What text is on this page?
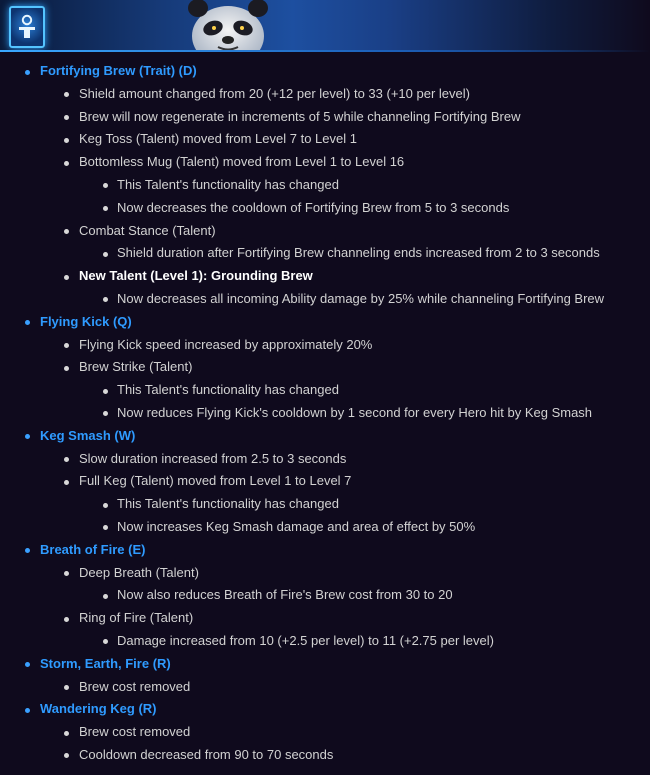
Fortifying Brew (Trait) (D)
Shield amount changed from 20 (+12 per level) to 33 (+10 per level)
Brew will now regenerate in increments of 5 while channeling Fortifying Brew
Keg Toss (Talent) moved from Level 7 to Level 1
Bottomless Mug (Talent) moved from Level 1 to Level 16
This Talent's functionality has changed
Now decreases the cooldown of Fortifying Brew from 5 to 3 seconds
Combat Stance (Talent)
Shield duration after Fortifying Brew channeling ends increased from 2 to 3 seconds
New Talent (Level 1): Grounding Brew
Now decreases all incoming Ability damage by 25% while channeling Fortifying Brew
Flying Kick (Q)
Flying Kick speed increased by approximately 20%
Brew Strike (Talent)
This Talent's functionality has changed
Now reduces Flying Kick's cooldown by 1 second for every Hero hit by Keg Smash
Keg Smash (W)
Slow duration increased from 2.5 to 3 seconds
Full Keg (Talent) moved from Level 1 to Level 7
This Talent's functionality has changed
Now increases Keg Smash damage and area of effect by 50%
Breath of Fire (E)
Deep Breath (Talent)
Now also reduces Breath of Fire's Brew cost from 30 to 20
Ring of Fire (Talent)
Damage increased from 10 (+2.5 per level) to 11 (+2.75 per level)
Storm, Earth, Fire (R)
Brew cost removed
Wandering Keg (R)
Brew cost removed
Cooldown decreased from 90 to 70 seconds
